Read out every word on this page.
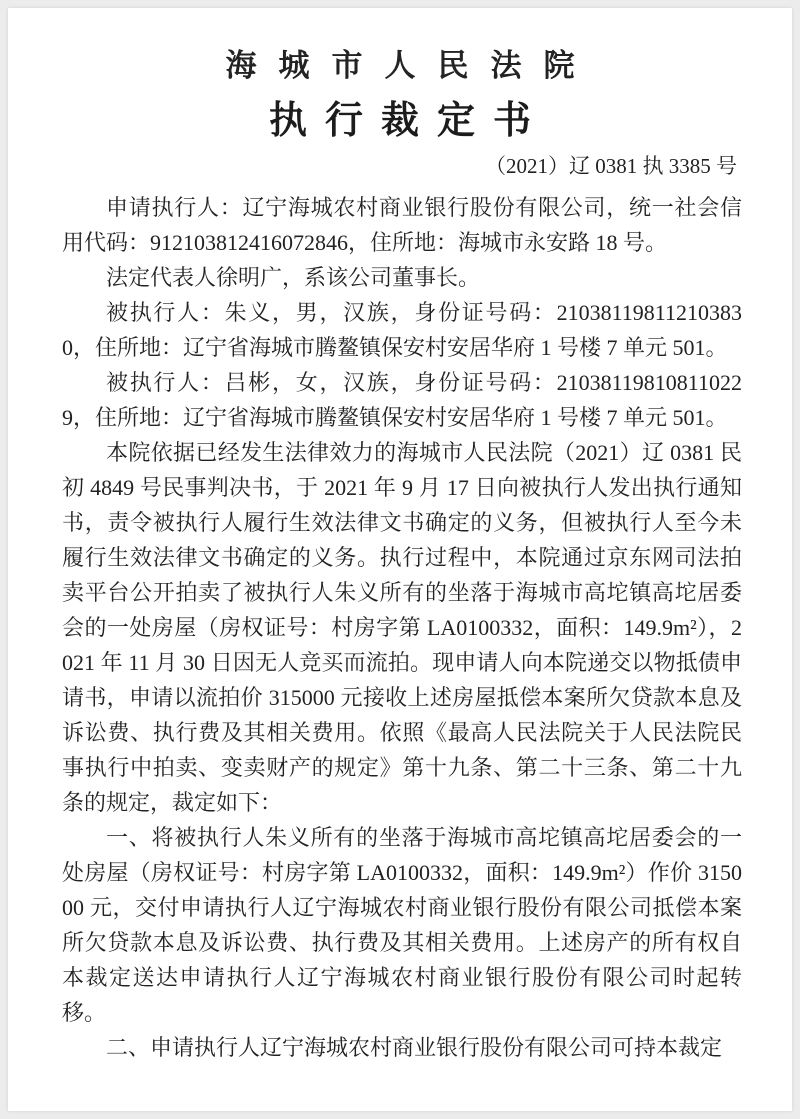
海城市人民法院
执行裁定书
（2021）辽 0381 执 3385 号

申请执行人：辽宁海城农村商业银行股份有限公司，统一社会信用代码：912103812416072846，住所地：海城市永安路 18 号。

法定代表人徐明广，系该公司董事长。

被执行人：朱义，男，汉族，身份证号码：210381198112103830，住所地：辽宁省海城市腾鳌镇保安村安居华府 1 号楼 7 单元 501。

被执行人：吕彬，女，汉族，身份证号码：210381198108110229，住所地：辽宁省海城市腾鳌镇保安村安居华府 1 号楼 7 单元 501。

本院依据已经发生法律效力的海城市人民法院（2021）辽 0381 民初 4849 号民事判决书，于 2021 年 9 月 17 日向被执行人发出执行通知书，责令被执行人履行生效法律文书确定的义务，但被执行人至今未履行生效法律文书确定的义务。执行过程中，本院通过京东网司法拍卖平台公开拍卖了被执行人朱义所有的坐落于海城市高坨镇高坨居委会的一处房屋（房权证号：村房字第 LA0100332，面积：149.9m²），2021 年 11 月 30 日因无人竞买而流拍。现申请人向本院递交以物抵债申请书，申请以流拍价 315000 元接收上述房屋抵偿本案所欠贷款本息及诉讼费、执行费及其相关费用。依照《最高人民法院关于人民法院民事执行中拍卖、变卖财产的规定》第十九条、第二十三条、第二十九条的规定，裁定如下：

一、将被执行人朱义所有的坐落于海城市高坨镇高坨居委会的一处房屋（房权证号：村房字第 LA0100332，面积：149.9m²）作价 315000 元，交付申请执行人辽宁海城农村商业银行股份有限公司抵偿本案所欠贷款本息及诉讼费、执行费及其相关费用。上述房产的所有权自本裁定送达申请执行人辽宁海城农村商业银行股份有限公司时起转移。

二、申请执行人辽宁海城农村商业银行股份有限公司可持本裁定
